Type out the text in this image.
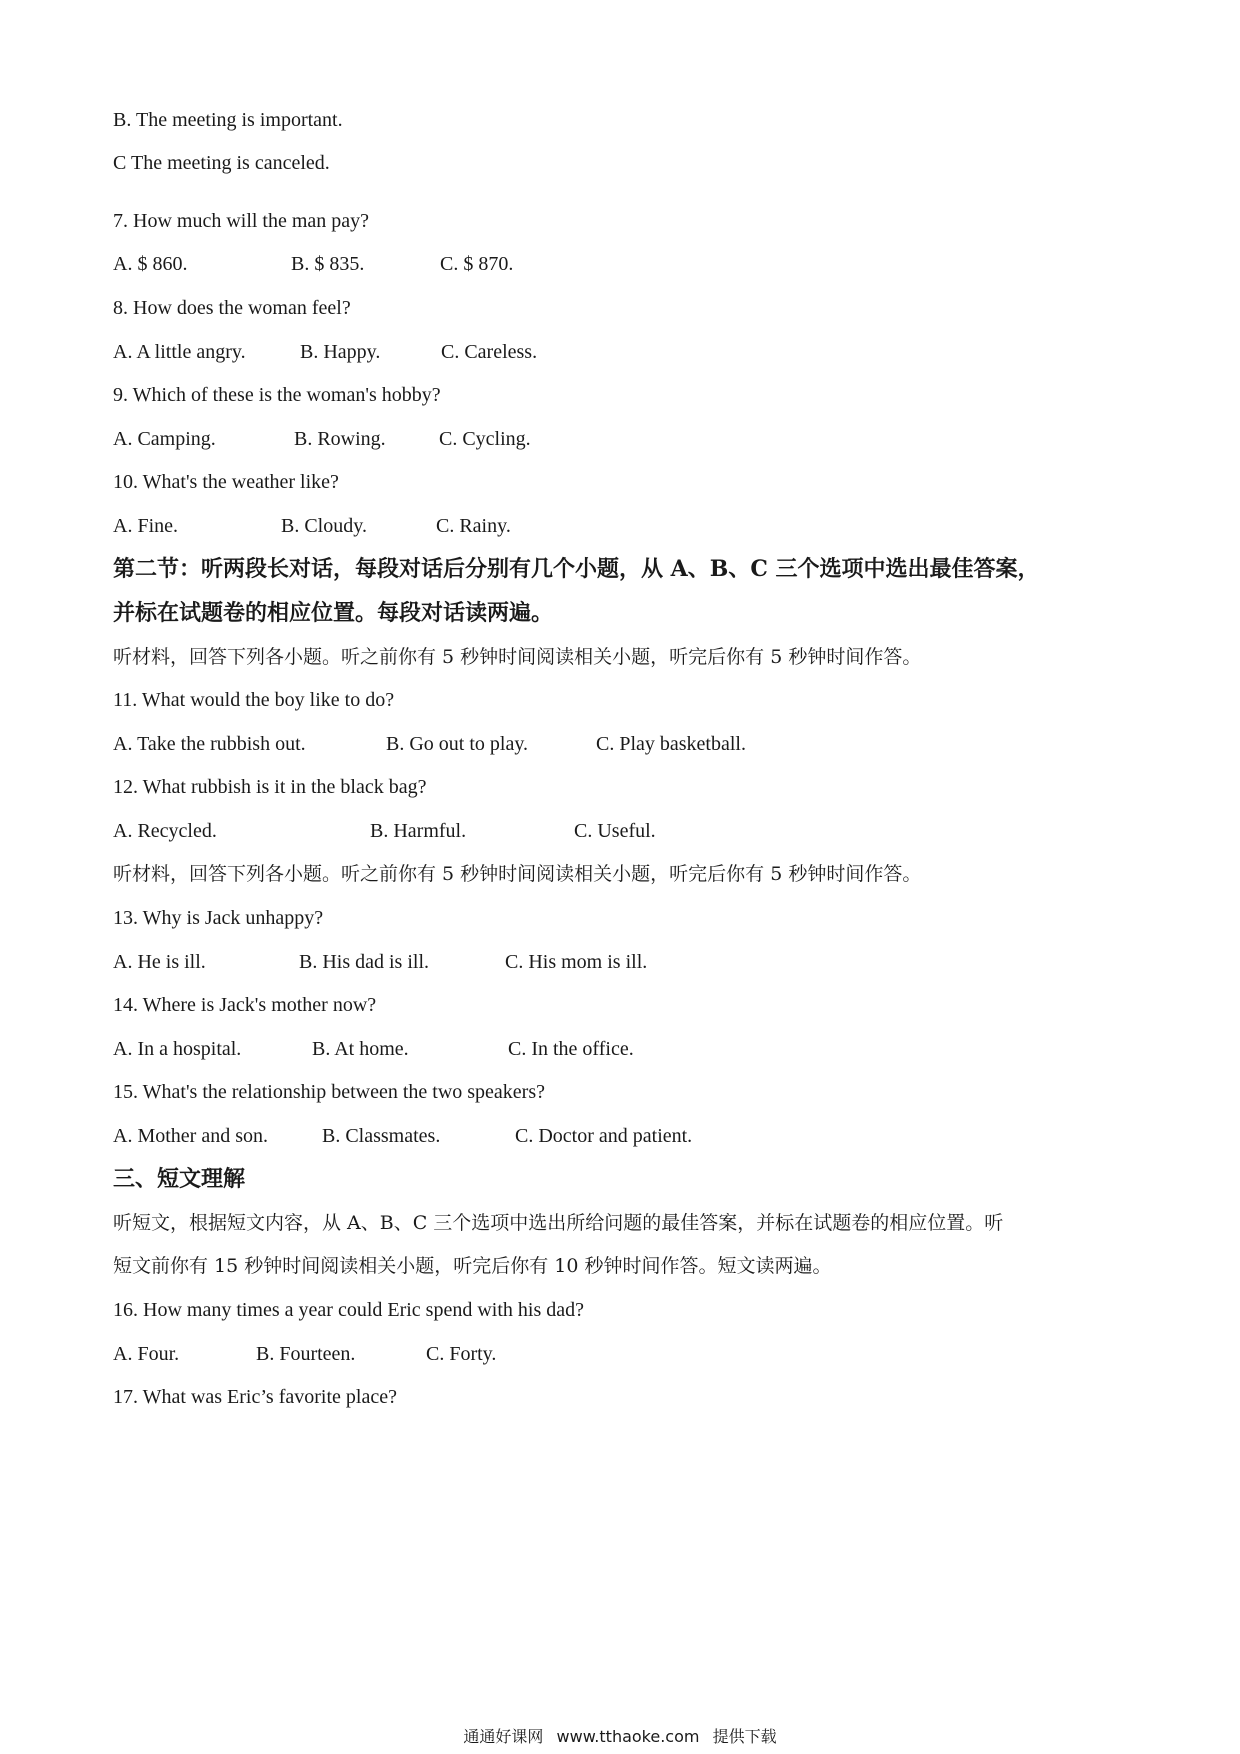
B. The meeting is important.
C The meeting is canceled.
7. How much will the man pay?
A. $ 860.	B. $ 835.	C. $ 870.
8. How does the woman feel?
A. A little angry.	B. Happy.	C. Careless.
9. Which of these is the woman's hobby?
A. Camping.	B. Rowing.	C. Cycling.
10. What's the weather like?
A. Fine.	B. Cloudy.	C. Rainy.
第二节：听两段长对话，每段对话后分别有几个小题，从 A、B、C 三个选项中选出最佳答案，
并标在试题卷的相应位置。每段对话读两遍。
听材料，回答下列各小题。听之前你有 5 秒钟时间阅读相关小题，听完后你有 5 秒钟时间作答。
11. What would the boy like to do?
A. Take the rubbish out.	B. Go out to play.	C. Play basketball.
12. What rubbish is it in the black bag?
A. Recycled.	B. Harmful.	C. Useful.
听材料，回答下列各小题。听之前你有 5 秒钟时间阅读相关小题，听完后你有 5 秒钟时间作答。
13. Why is Jack unhappy?
A. He is ill.	B. His dad is ill.	C. His mom is ill.
14. Where is Jack's mother now?
A. In a hospital.	B. At home.	C. In the office.
15. What's the relationship between the two speakers?
A. Mother and son.	B. Classmates.	C. Doctor and patient.
三、短文理解
听短文，根据短文内容，从 A、B、C 三个选项中选出所给问题的最佳答案，并标在试题卷的相应位置。听
短文前你有 15 秒钟时间阅读相关小题，听完后你有 10 秒钟时间作答。短文读两遍。
16. How many times a year could Eric spend with his dad?
A. Four.	B. Fourteen.	C. Forty.
17. What was Eric’s favorite place?
通通好课网 www.tthaoke.com 提供下载
